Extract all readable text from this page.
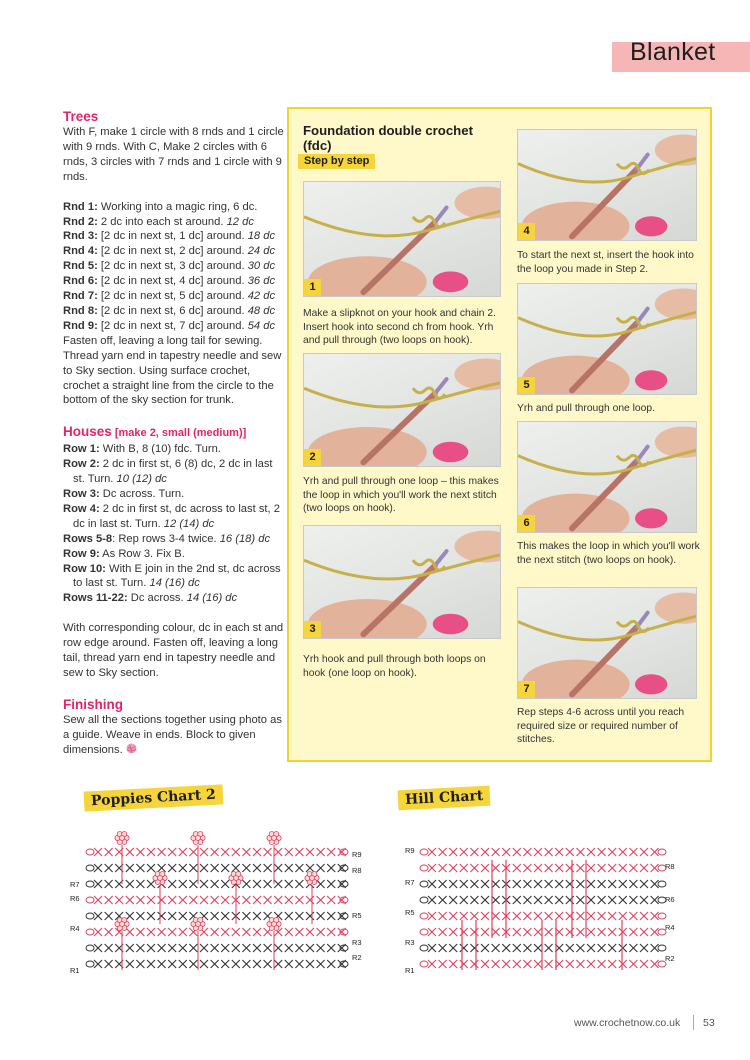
Blanket
Trees
With F, make 1 circle with 8 rnds and 1 circle with 9 rnds. With C, Make 2 circles with 6 rnds, 3 circles with 7 rnds and 1 circle with 9 rnds.
Rnd 1: Working into a magic ring, 6 dc.
Rnd 2: 2 dc into each st around. 12 dc
Rnd 3: [2 dc in next st, 1 dc] around. 18 dc
Rnd 4: [2 dc in next st, 2 dc] around. 24 dc
Rnd 5: [2 dc in next st, 3 dc] around. 30 dc
Rnd 6: [2 dc in next st, 4 dc] around. 36 dc
Rnd 7: [2 dc in next st, 5 dc] around. 42 dc
Rnd 8: [2 dc in next st, 6 dc] around. 48 dc
Rnd 9: [2 dc in next st, 7 dc] around. 54 dc
Fasten off, leaving a long tail for sewing. Thread yarn end in tapestry needle and sew to Sky section. Using surface crochet, crochet a straight line from the circle to the bottom of the sky section for trunk.
Houses [make 2, small (medium)]
Row 1: With B, 8 (10) fdc. Turn.
Row 2: 2 dc in first st, 6 (8) dc, 2 dc in last st. Turn. 10 (12) dc
Row 3: Dc across. Turn.
Row 4: 2 dc in first st, dc across to last st, 2 dc in last st. Turn. 12 (14) dc
Rows 5-8: Rep rows 3-4 twice. 16 (18) dc
Row 9: As Row 3. Fix B.
Row 10: With E join in the 2nd st, dc across to last st. Turn. 14 (16) dc
Rows 11-22: Dc across. 14 (16) dc
With corresponding colour, dc in each st and row edge around. Fasten off, leaving a long tail, thread yarn end in tapestry needle and sew to Sky section.
Finishing
Sew all the sections together using photo as a guide. Weave in ends. Block to given dimensions.
Foundation double crochet (fdc)
Step by step
1
Make a slipknot on your hook and chain 2. Insert hook into second ch from hook. Yrh and pull through (two loops on hook).
2
Yrh and pull through one loop – this makes the loop in which you'll work the next stitch (two loops on hook).
3
Yrh hook and pull through both loops on hook (one loop on hook).
4
To start the next st, insert the hook into the loop you made in Step 2.
5
Yrh and pull through one loop.
6
This makes the loop in which you'll work the next stitch (two loops on hook).
7
Rep steps 4-6 across until you reach required size or required number of stitches.
Poppies Chart 2	Hill Chart
R7
R6
R4
R1
R9
R8
R5
R3
R2
R9
R7
R5
R3
R1
R8
R6
R4
R2
www.crochetnow.co.uk 53
